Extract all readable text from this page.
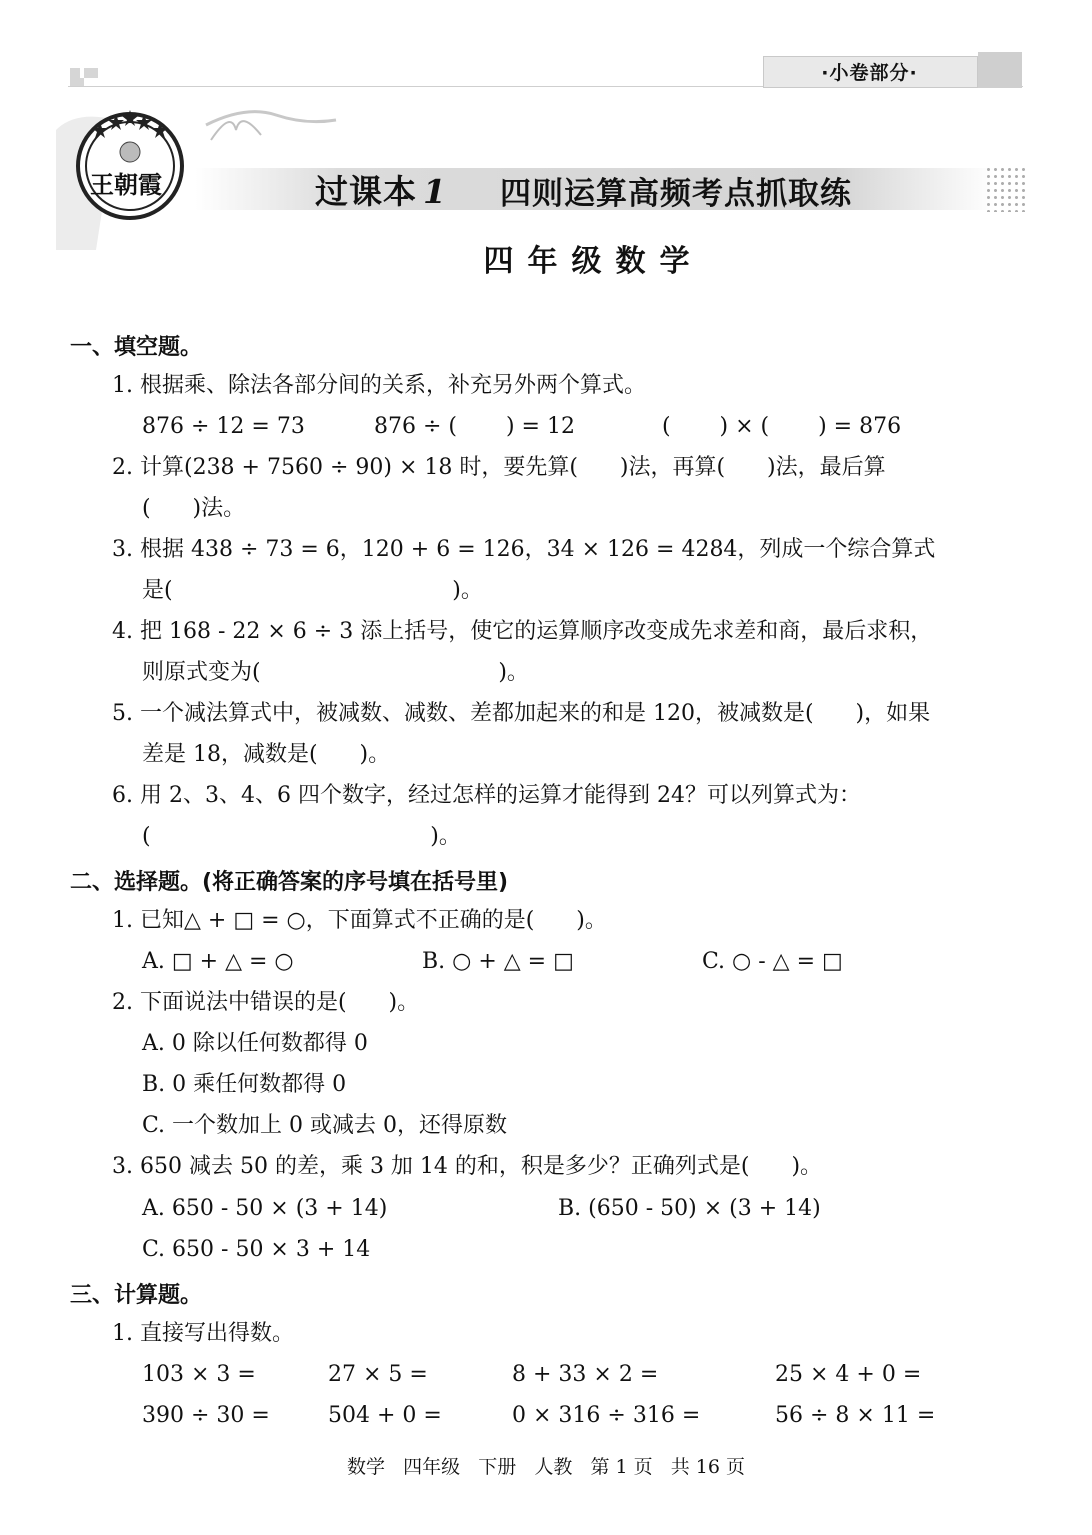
·小卷部分·
王朝霞	过课本 1 四则运算高频考点抓取练
四年级数学
一、填空题。
1. 根据乘、除法各部分间的关系，补充另外两个算式。
876 ÷ 12 = 73	876 ÷ (       ) = 12	(       ) × (       ) = 876
2. 计算(238 + 7560 ÷ 90) × 18 时，要先算(      )法，再算(      )法，最后算
(      )法。
3. 根据 438 ÷ 73 = 6，120 + 6 = 126，34 × 126 = 4284，列成一个综合算式
是(                                        )。
4. 把 168 - 22 × 6 ÷ 3 添上括号，使它的运算顺序改变成先求差和商，最后求积，
则原式变为(                                  )。
5. 一个减法算式中，被减数、减数、差都加起来的和是 120，被减数是(      )，如果
差是 18，减数是(      )。
6. 用 2、3、4、6 四个数字，经过怎样的运算才能得到 24？可以列算式为：
(                                        )。
二、选择题。(将正确答案的序号填在括号里)
1. 已知△ + □ = ○，下面算式不正确的是(      )。
A. □ + △ = ○	B. ○ + △ = □	C. ○ - △ = □
2. 下面说法中错误的是(      )。
A. 0 除以任何数都得 0
B. 0 乘任何数都得 0
C. 一个数加上 0 或减去 0，还得原数
3. 650 减去 50 的差，乘 3 加 14 的和，积是多少？正确列式是(      )。
A. 650 - 50 × (3 + 14)	B. (650 - 50) × (3 + 14)
C. 650 - 50 × 3 + 14
三、计算题。
1. 直接写出得数。
103 × 3 =	27 × 5 =	8 + 33 × 2 =	25 × 4 + 0 =
390 ÷ 30 =	504 + 0 =	0 × 316 ÷ 316 =	56 ÷ 8 × 11 =
数学   四年级   下册   人教   第 1 页   共 16 页
